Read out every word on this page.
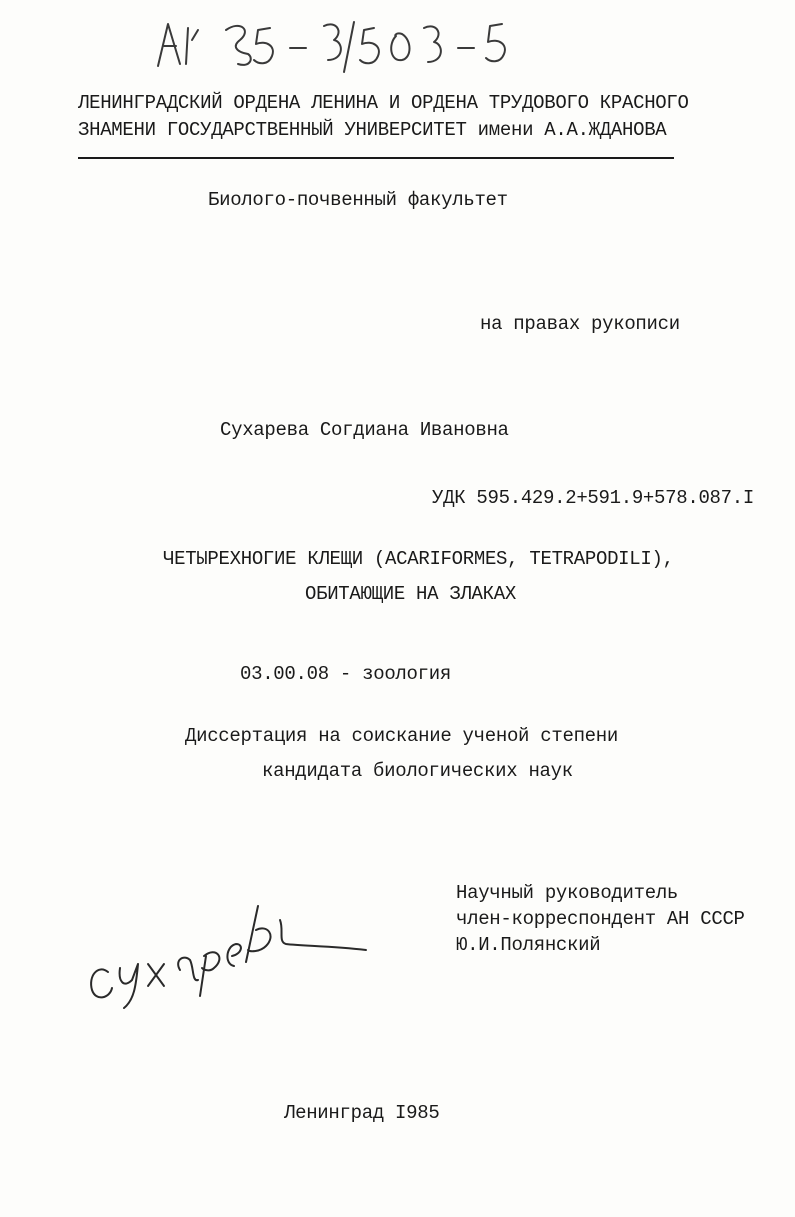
ЛЕНИНГРАДСКИЙ ОРДЕНА ЛЕНИНА И ОРДЕНА ТРУДОВОГО КРАСНОГО
ЗНАМЕНИ ГОСУДАРСТВЕННЫЙ УНИВЕРСИТЕТ имени А.А.ЖДАНОВА
Биолого-почвенный факультет
на правах рукописи
Сухарева Согдиана Ивановна
УДК 595.429.2+591.9+578.087.I
ЧЕТЫРЕХНОГИЕ КЛЕЩИ (ACARIFORMES, TETRAPODILI),
ОБИТАЮЩИЕ НА ЗЛАКАХ
03.00.08 - зоология
Диссертация на соискание ученой степени
кандидата биологических наук
Научный руководитель
член-корреспондент АН СССР
Ю.И.Полянский
Ленинград I985
